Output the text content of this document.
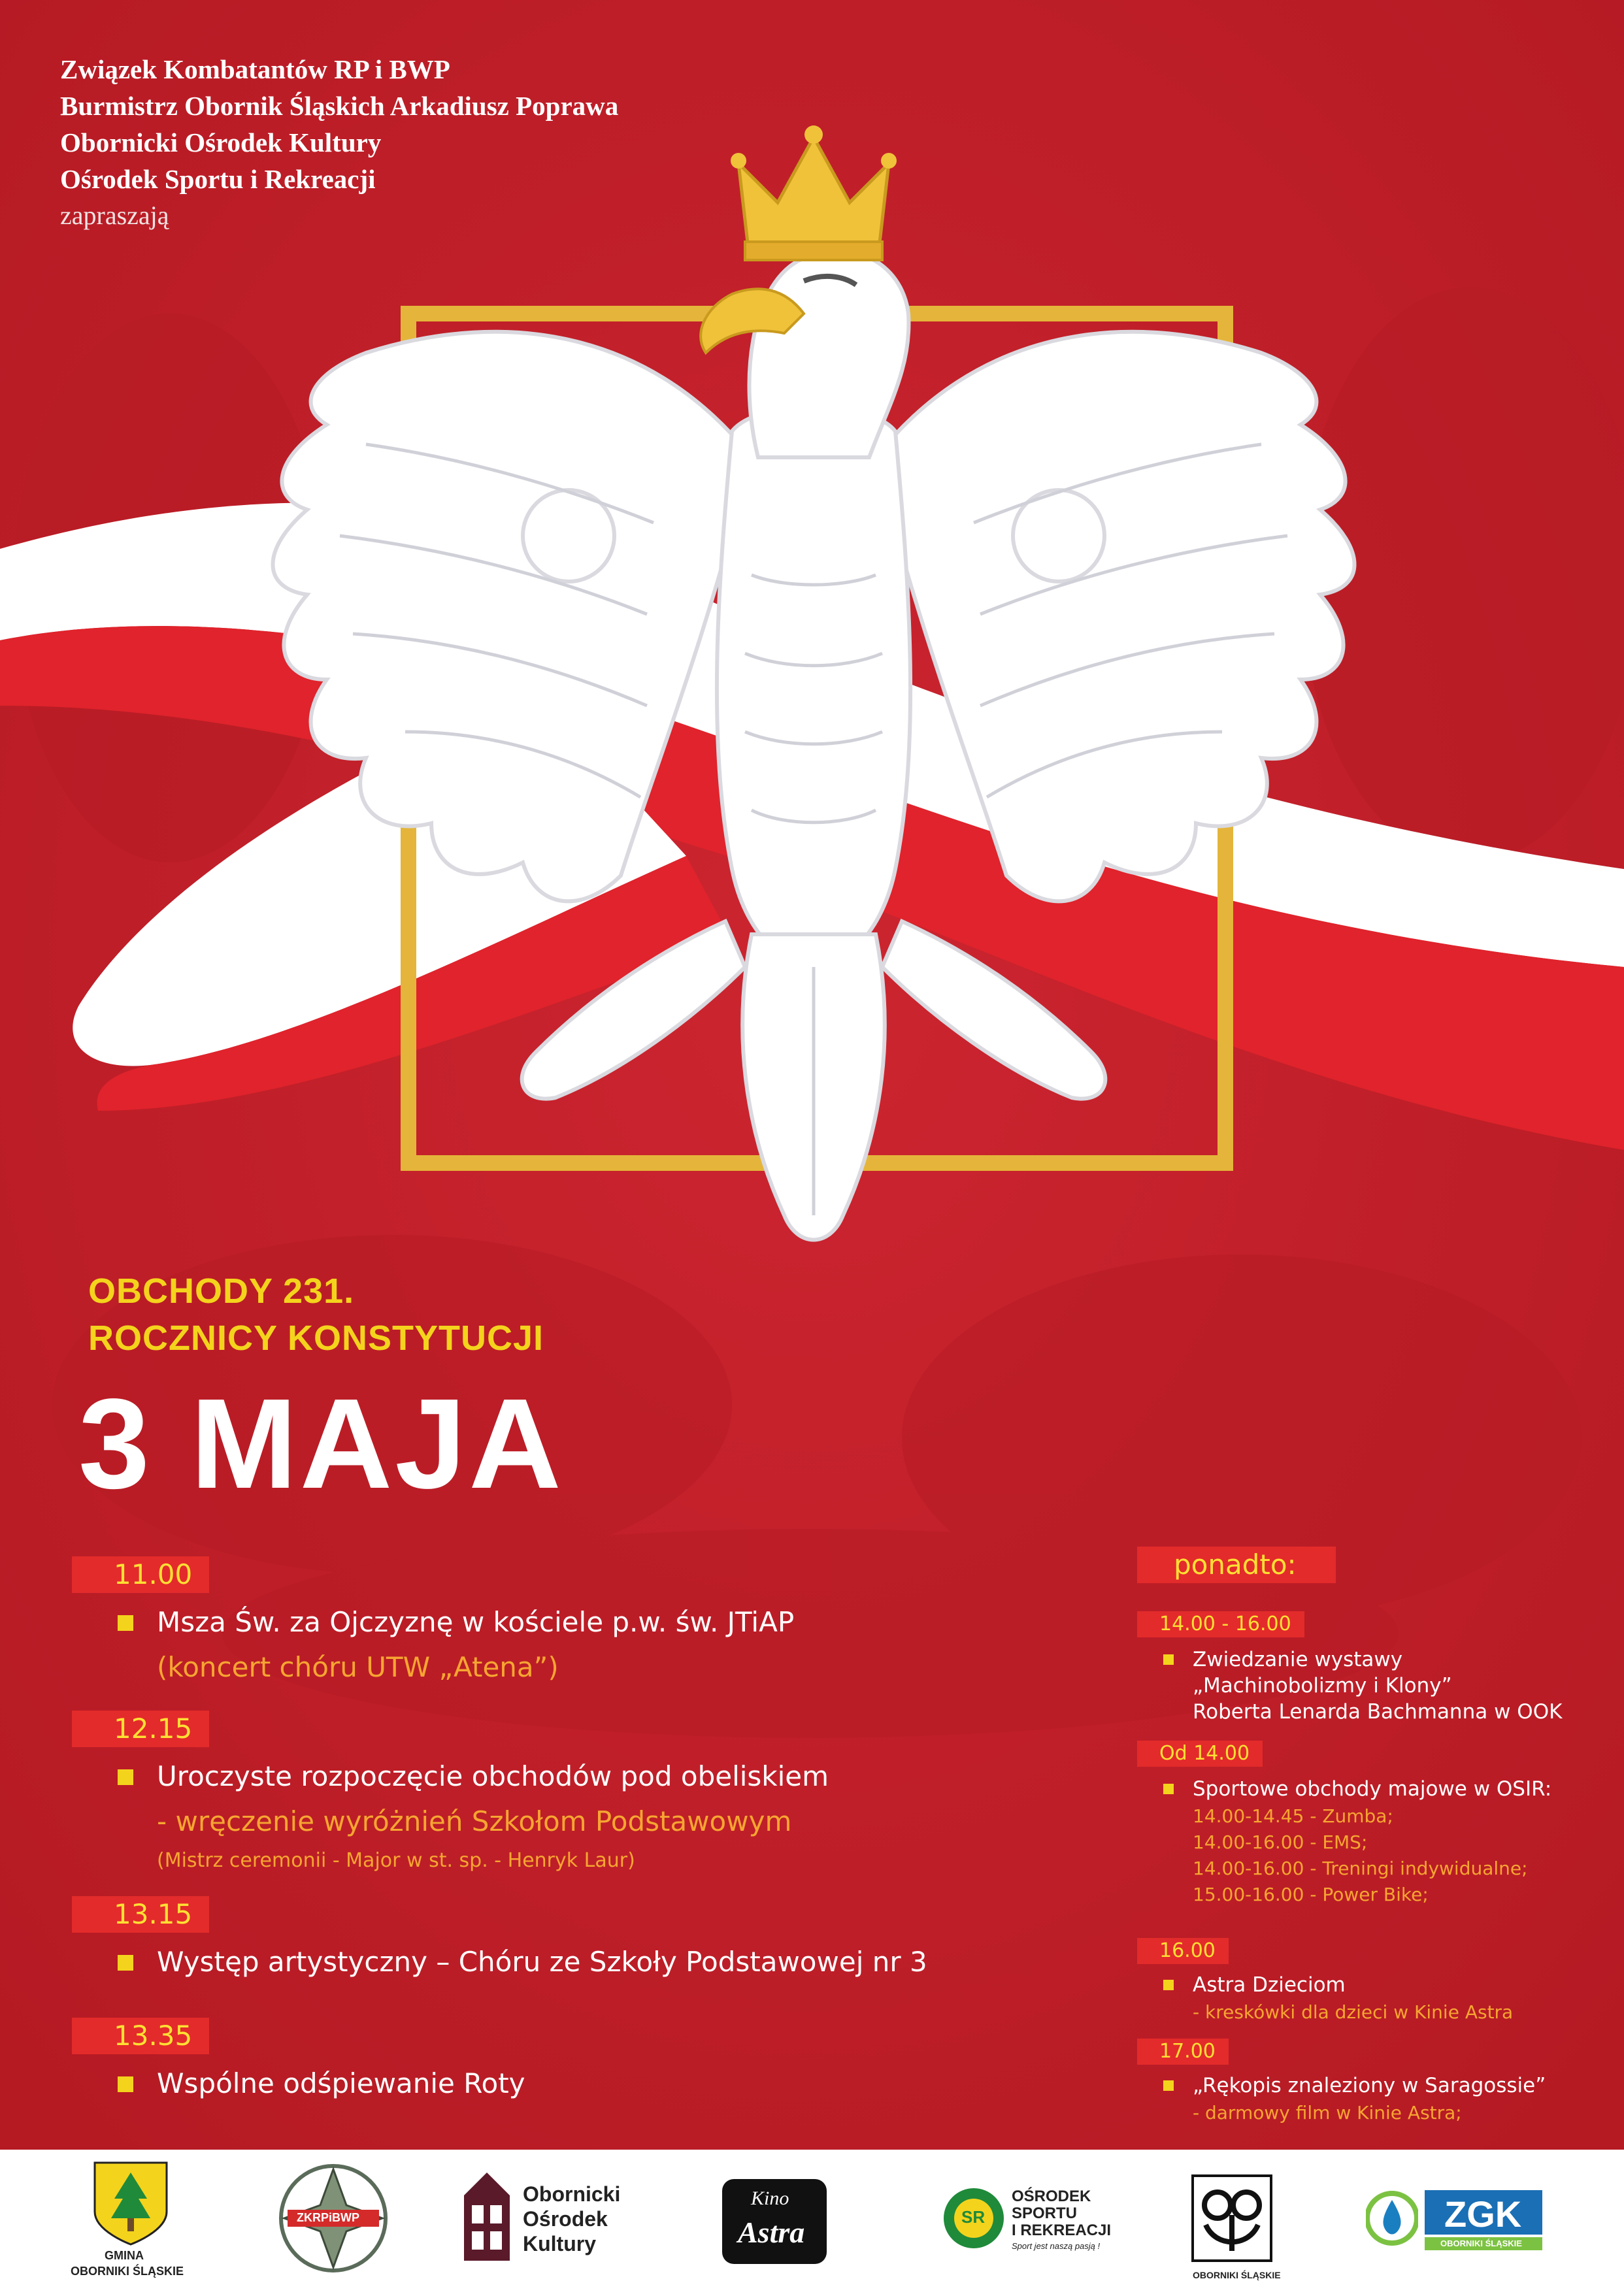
Związek Kombatantów RP i BWP
Burmistrz Obornik Śląskich Arkadiusz Poprawa
Obornicki Ośrodek Kultury
Ośrodek Sportu i Rekreacji
zapraszają
OBCHODY 231.
ROCZNICY KONSTYTUCJI
3 MAJA
11.00
Msza Św. za Ojczyznę w kościele p.w. św. JTiAP
(koncert chóru UTW „Atena”)
12.15
Uroczyste rozpoczęcie obchodów pod obeliskiem
- wręczenie wyróżnień Szkołom Podstawowym
(Mistrz ceremonii - Major w st. sp. - Henryk Laur)
13.15
Występ artystyczny – Chóru ze Szkoły Podstawowej nr 3
13.35
Wspólne odśpiewanie Roty
ponadto:
14.00 - 16.00
Zwiedzanie wystawy
„Machinobolizmy i Klony”
Roberta Lenarda Bachmanna w OOK
Od 14.00
Sportowe obchody majowe w OSIR:
14.00-14.45 - Zumba;
14.00-16.00 - EMS;
14.00-16.00 - Treningi indywidualne;
15.00-16.00 - Power Bike;
16.00
Astra Dzieciom
- kreskówki dla dzieci w Kinie Astra
17.00
„Rękopis znaleziony w Saragossie”
- darmowy film w Kinie Astra;
GMINA
OBORNIKI ŚLĄSKIE
ZKRPiBWP
Obornicki
Ośrodek
Kultury
Kino
Astra	SR
OŚRODEK
SPORTU
I REKREACJI
Sport jest naszą pasją !
OBORNIKI ŚLĄSKIE
ZGK
OBORNIKI ŚLĄSKIE
